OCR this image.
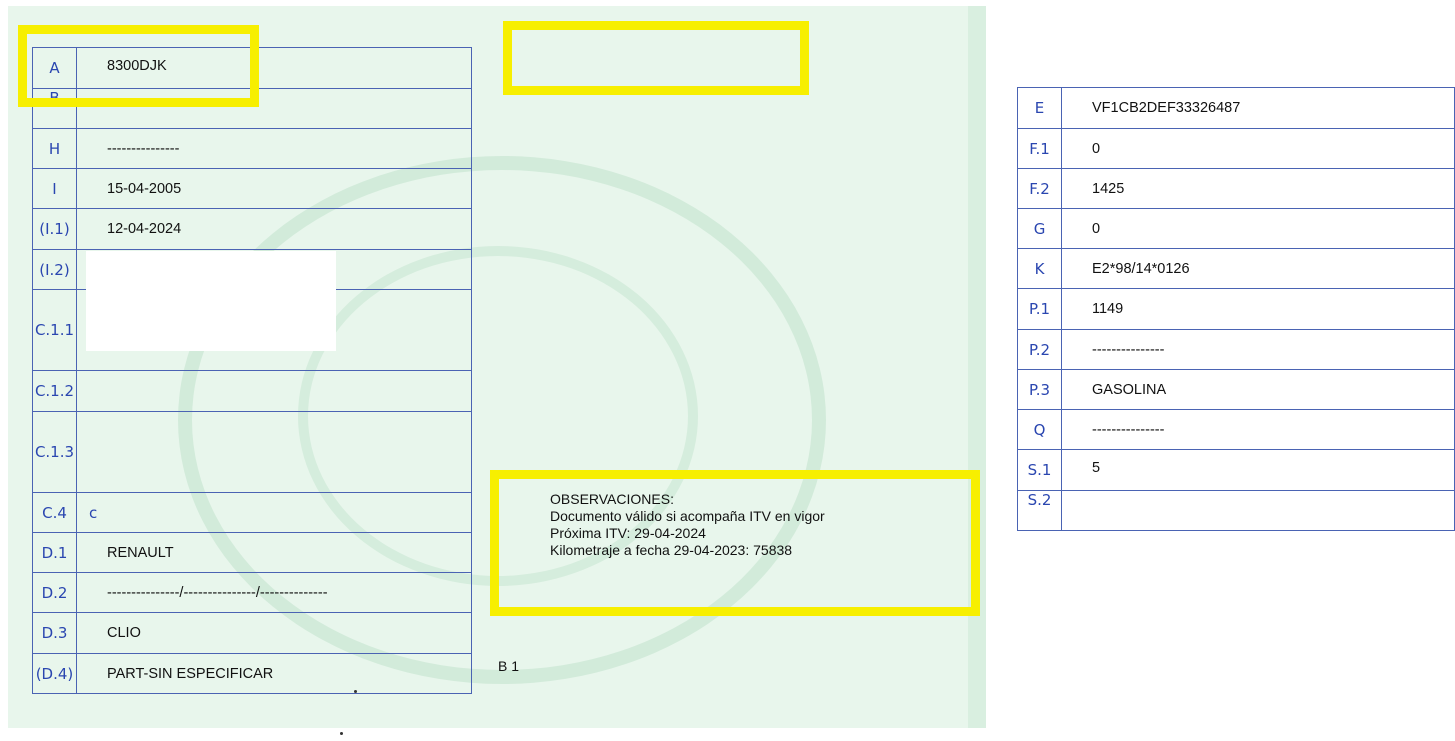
A	8300DJK
B	
H	---------------
I	15-04-2005
(I.1)	12-04-2024
(I.2)	
C.1.1	
C.1.2	
C.1.3	
C.4	c
D.1	RENAULT
D.2	---------------/---------------/--------------
D.3	CLIO
(D.4)	PART-SIN ESPECIFICAR
E	VF1CB2DEF33326487
F.1	0
F.2	1425
G	0
K	E2*98/14*0126
P.1	1149
P.2	---------------
P.3	GASOLINA
Q	---------------
S.1	5
S.2	
OBSERVACIONES:
Documento válido si acompaña ITV en vigor
Próxima ITV: 29-04-2024
Kilometraje a fecha 29-04-2023: 75838
B 1
